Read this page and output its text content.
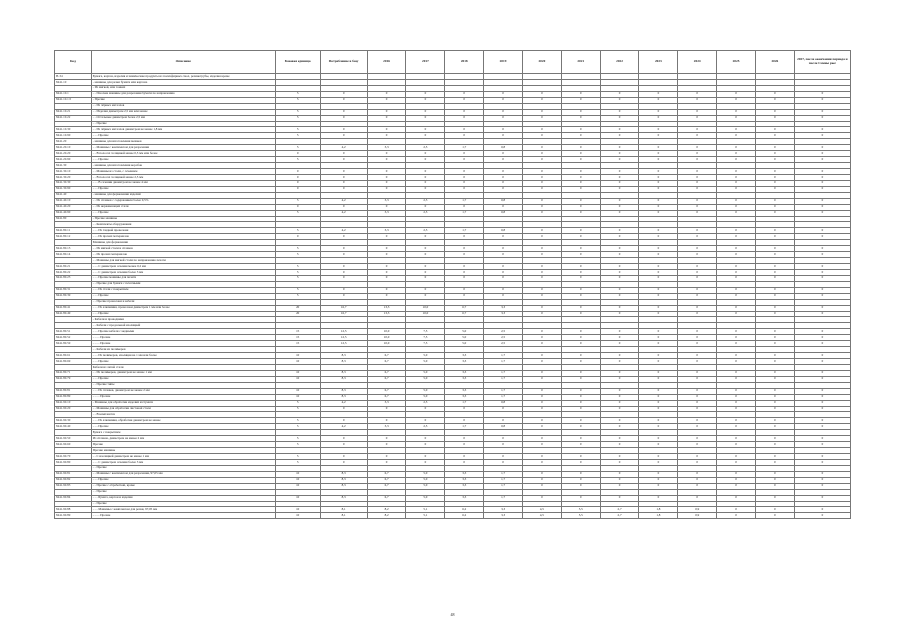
Код	Описание	Базовая единица	Потребление в базу	2016	2017	2018	2019	2020	2021	2022	2023	2024	2025	2026	2027, после окончания периода и после Смены рыс
Н-34	Бумага, картон, изделия и химические продукты из полиэфирных смол, резинотрубы, изделия кроме														
8441.10	- машины для резки бумаги или картона														
	- Из мягкой, или тонких														
8441.10.1	- - Плоские машины для разрезания бумаги по направлению	5	0	0	0	0	0	0	0	0	0	0	0	0	0
8441.10.1 0	- Прочие	5	0	0	0	0	0	0	0	0	0	0	0	0	0
	- - Из чёрных металлов														
8441.10.21	- - Изделия диаметром 2,5 мм или менее	5	0	0	0	0	0	0	0	0	0	0	0	0	0
8441.10.22	- - Остальные диаметром более 2,5 мм	5	0	0	0	0	0	0	0	0	0	0	0	0	0
	- - Прочие														
8441.10.30	- - Из чёрных металлов диаметром не менее 1,8 мм	5	0	0	0	0	0	0	0	0	0	0	0	0	0
8441.10.90	- - - Прочие	5	0	0	0	0	0	0	0	0	0	0	0	0	0
8441.20	- машины для изготовления мешков														
8441.20.10	- - Машины с комплектом для разрезания	5	4,2	3,3	2,5	1,7	0,8	0	0	0	0	0	0	0	0
8441.20.20	- - В полосах толщиной менее 0,5 мм или более	0	0	0	0	0	0	0	0	0	0	0	0	0	0
8441.20.90	- - - Прочие	5	0	0	0	0	0	0	0	0	0	0	0	0	0
8441.30	- машины для изготовления коробок														
8441.30.10	- - Машины из стали, с сечением	0	0	0	0	0	0	0	0	0	0	0	0	0	0
8441.30.20	- - В полосах толщиной менее 2,5 мм	0	0	0	0	0	0	0	0	0	0	0	0	0	0
8441.30.30	- - - В сечении диаметром не менее 4 мм	0	0	0	0	0	0	0	0	0	0	0	0	0	0
8441.30.90	- - - Прочие	0	0	0	0	0	0	0	0	0	0	0	0	0	0
8441.40	- машины для формования изделий														
8441.40.10	- - Из сплавов с содержанием более 0,5%	5	4,2	3,3	2,5	1,7	0,8	0	0	0	0	0	0	0	0
8441.40.20	- - Из нержавеющей стали	0	0	0	0	0	0	0	0	0	0	0	0	0	0
8441.40.90	- - - Прочие	5	4,2	3,3	2,5	1,7	0,8	0	0	0	0	0	0	0	0
8441.80	- Прочие машины														
	- - Комплекты оборудования														
8441.80.11	- - - Из гладкой проволоки	5	4,2	3,3	2,5	1,7	0,8	0	0	0	0	0	0	0	0
8441.80.12	- - - Из прочих материалов	0	0	0	0	0	0	0	0	0	0	0	0	0	0
	Машины для формования														
8441.80.13	- - Из мягкой стали и сплавов	5	0	0	0	0	0	0	0	0	0	0	0	0	0
8441.80.14	- - Из прочих материалов	5	0	0	0	0	0	0	0	0	0	0	0	0	0
	- - Машины для мягкой стали по направлению печати														
8441.80.21	- - - С диаметром сечения менее 0,2 мм	5	0	0	0	0	0	0	0	0	0	0	0	0	0
8441.80.22	- - - С диаметром сечения более 3 мм	5	0	0	0	0	0	0	0	0	0	0	0	0	0
8441.80.23	- - - Прочие машины для печати	5	0	0	0	0	0	0	0	0	0	0	0	0	0
	- - Прочие для бумаги с печатными														
8441.80.31	- - - Из стали с покрытием	5	0	0	0	0	0	0	0	0	0	0	0	0	0
8441.80.39	- - - Прочие	5	0	0	0	0	0	0	0	0	0	0	0	0	0
	- - Прочие проволоки и кабели														
8441.80.41	- - - Из алюминия, проволоки диаметром 1 мм или более	20	16,7	13,3	10,0	6,7	3,3	0	0	0	0	0	0	0	0
8441.80.49	- - - Прочие	20	16,7	13,3	10,0	6,7	3,3	0	0	0	0	0	0	0	0
	- Кабели и проводники														
	- - Кабели с продольной изоляцией														
8441.80.51	- - - Прочие кабели с медными	15	12,5	10,0	7,5	5,0	2,5	0	0	0	0	0	0	0	0
8441.80.52	- - - - Прочие	15	12,5	10,0	7,5	5,0	2,5	0	0	0	0	0	0	0	0
8441.80.59	- - - - Прочие	15	12,5	10,0	7,5	5,0	2,5	0	0	0	0	0	0	0	0
	- - Кабели из полимеров														
8441.80.61	- - - Из полимеров, изоляция на 1 мм или более	10	8,3	6,7	5,0	3,3	1,7	0	0	0	0	0	0	0	0
8441.80.69	- - - Прочие	10	8,3	6,7	5,0	3,3	1,7	0	0	0	0	0	0	0	0
	Кабели из литой стали														
8441.80.71	- - Из полимеров, диаметром не менее 1 мм	10	8,3	6,7	5,0	3,3	1,7	0	0	0	0	0	0	0	0
8441.80.79	- - - Прочие	10	8,3	6,7	5,0	3,3	1,7	0	0	0	0	0	0	0	0
	- - Прочие типы														
8441.80.81	- - - Из сплавов, диаметром не менее 2 мм	10	8,3	6,7	5,0	3,3	1,7	0	0	0	0	0	0	0	0
8441.80.89	- - - - Прочие	10	8,3	6,7	5,0	3,3	1,7	0	0	0	0	0	0	0	0
8441.90.10	- Машины для обработки изделий из бумаги	5	4,2	3,3	2,5	1,7	0,8	0	0	0	0	0	0	0	0
8441.90.20	- - Машины для обработки листовой стали	5	0	0	0	0	0	0	0	0	0	0	0	0	0
	- - В комплектах														
8441.90.30	- - - Из алюминия, обработки диаметром не менее	5	0	0	0	0	0	0	0	0	0	0	0	0	0
8441.90.40	- - - Прочие	5	4,2	3,3	2,5	1,7	0,8	0	0	0	0	0	0	0	0
	Бумага с покрытием														
8441.90.50	Из сплавов, диаметром не менее 2 мм	5	0	0	0	0	0	0	0	0	0	0	0	0	0
8441.90.60	Прочие	5	0	0	0	0	0	0	0	0	0	0	0	0	0
	Прочие машины														
8441.90.70	- - С изоляцией диаметром не менее 1 мм	5	0	0	0	0	0	0	0	0	0	0	0	0	0
8441.90.80	- - - С диаметром сечения более 3 мм	5	0	0	0	0	0	0	0	0	0	0	0	0	0
	- - Прочие														
8441.90.81	- - Машины с комплектом для разрезания, 97,05 мм	10	8,3	6,7	5,0	3,3	1,7	0	0	0	0	0	0	0	0
8441.90.82	- - - Прочие	10	8,3	6,7	5,0	3,3	1,7	0	0	0	0	0	0	0	0
8441.90.83	- - Прочие с обработкой, кроме	10	8,3	6,7	5,0	3,3	1,7	0	0	0	0	0	0	0	0
	- - Прочие														
8441.90.84	- - - Бумага, картон и изделия	10	8,3	6,7	5,0	3,3	1,7	0	0	0	0	0	0	0	0
	- - Прочие														
8441.90.88	- - - Машины с комплектом для резки, 97,05 мм	10	8,1	8,2	5,1	6,2	3,3	4,5	5,5	2,7	1,8	0,9	0	0	0
8441.90.89	- - - - Прочие	10	8,1	8,2	5,1	6,2	3,3	4,5	5,5	2,7	1,8	0,9	0	0	0
48
